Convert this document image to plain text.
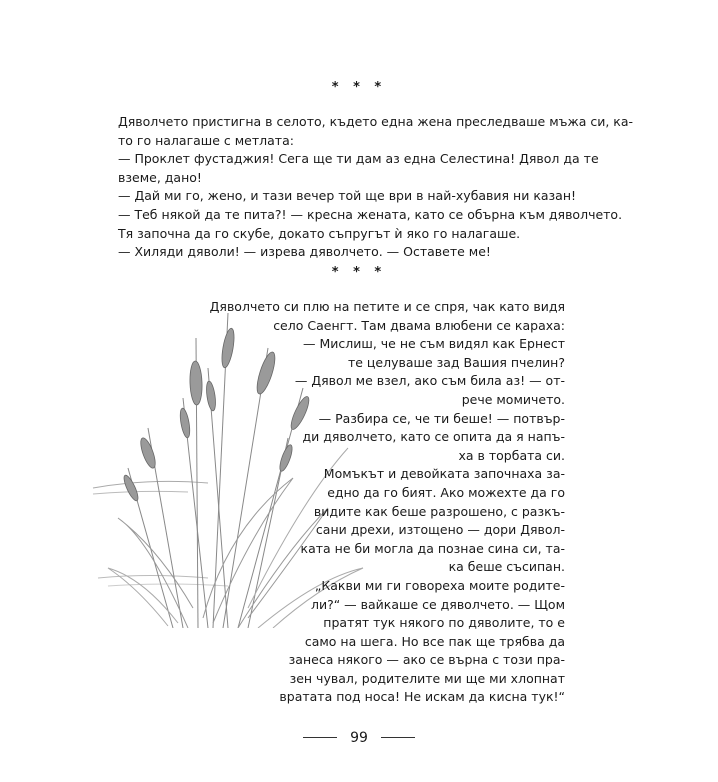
* * *

Дяволчето пристигна в селото, където една жена преследваше мъжа си, ка-

то го налагаше с метлата:

— Проклет фустаджия! Сега ще ти дам аз една Селестина! Дявол да те

вземе, дано!

— Дай ми го, жено, и тази вечер той ще ври в най-хубавия ни казан!

— Теб някой да те пита?! — кресна жената, като се обърна към дяволчето.

Тя започна да го скубе, докато съпругът ѝ яко го налагаше.

— Хиляди дяволи! — изрева дяволчето. — Оставете ме!

* * *

Дяволчето си плю на петите и се спря, чак като видя

село Саенгт. Там двама влюбени се караха:

— Мислиш, че не съм видял как Ернест

те целуваше зад Вашия пчелин?

— Дявол ме взел, ако съм била аз! — от-

рече момичето.

— Разбира се, че ти беше! — потвър-

ди дяволчето, като се опита да я напъ-

ха в торбата си.

Момъкът и девойката започнаха за-

едно да го бият. Ако можехте да го

видите как беше разрошено, с разкъ-

сани дрехи, изтощено — дори Дявол-

ката не би могла да познае сина си, та-

ка беше съсипан.

„Какви ми ги говореха моите родите-

ли?“ — вайкаше се дяволчето. — Щом

пратят тук някого по дяволите, то е

само на шега. Но все пак ще трябва да

занеса някого — ако се върна с този пра-

зен чувал, родителите ми ще ми хлопнат

вратата под носа! Не искам да кисна тук!“

99
